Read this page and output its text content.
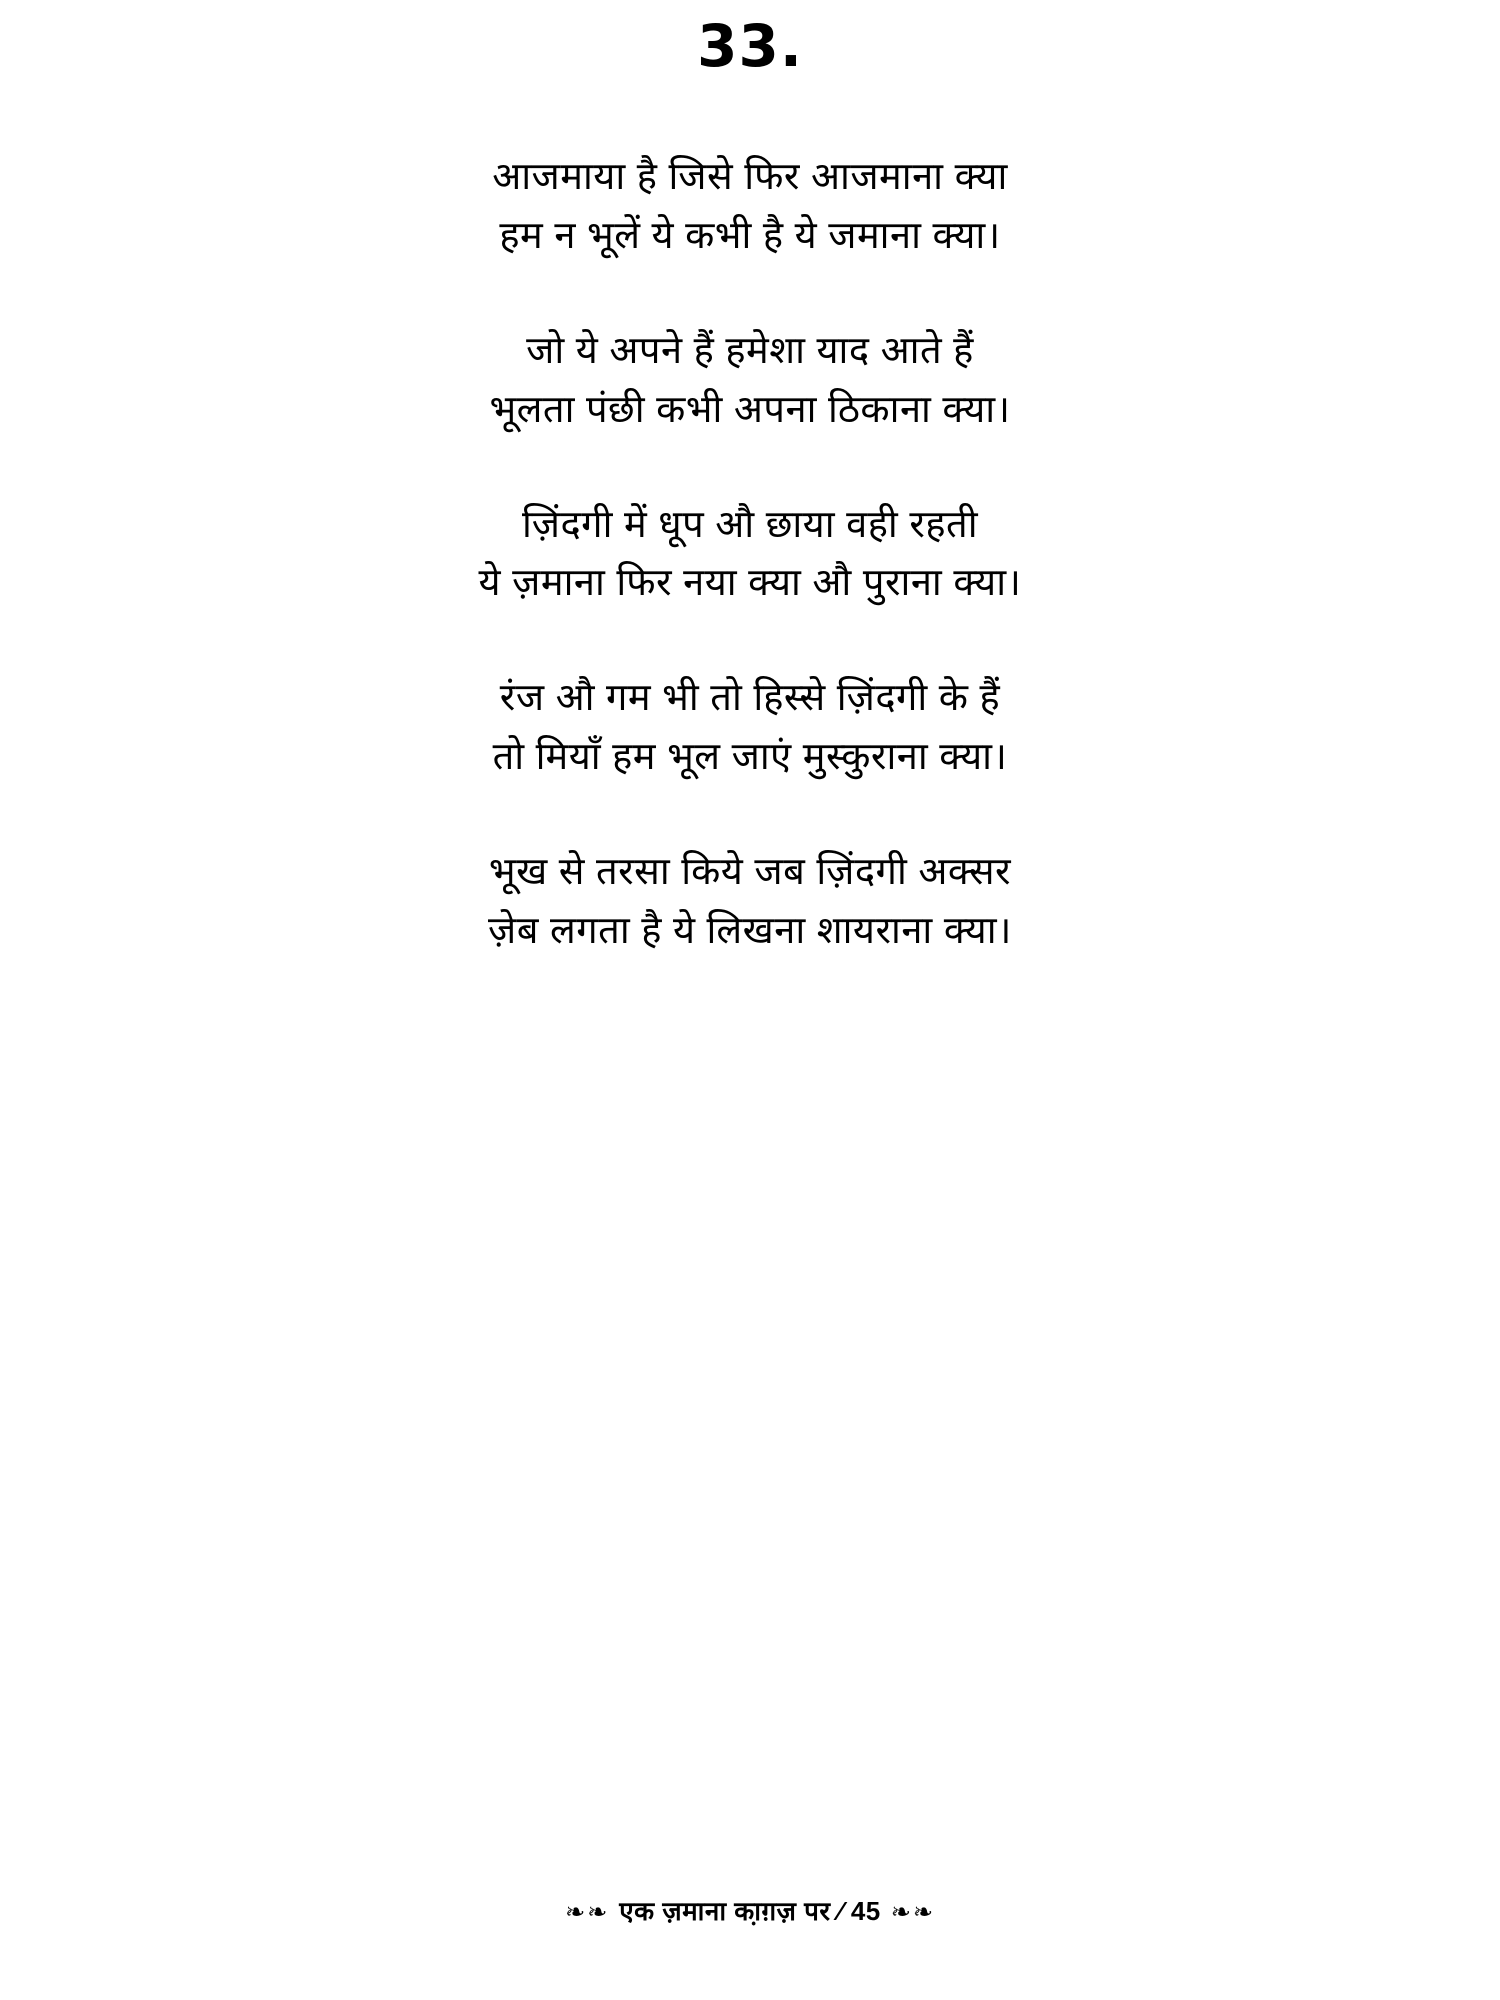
33.
आजमाया है जिसे फिर आजमाना क्या
हम न भूलें ये कभी है ये जमाना क्या।
जो ये अपने हैं हमेशा याद आते हैं
भूलता पंछी कभी अपना ठिकाना क्या।
ज़िंदगी में धूप औ छाया वही रहती
ये ज़माना फिर नया क्या औ पुराना क्या।
रंज औ गम भी तो हिस्से ज़िंदगी के हैं
तो मियाँ हम भूल जाएं मुस्कुराना क्या।
भूख से तरसा किये जब ज़िंदगी अक्सर
ज़ेब लगता है ये लिखना शायराना क्या।
❧❧ एक ज़माना का़ग़ज़ पर ⁄ 45 ❧❧
